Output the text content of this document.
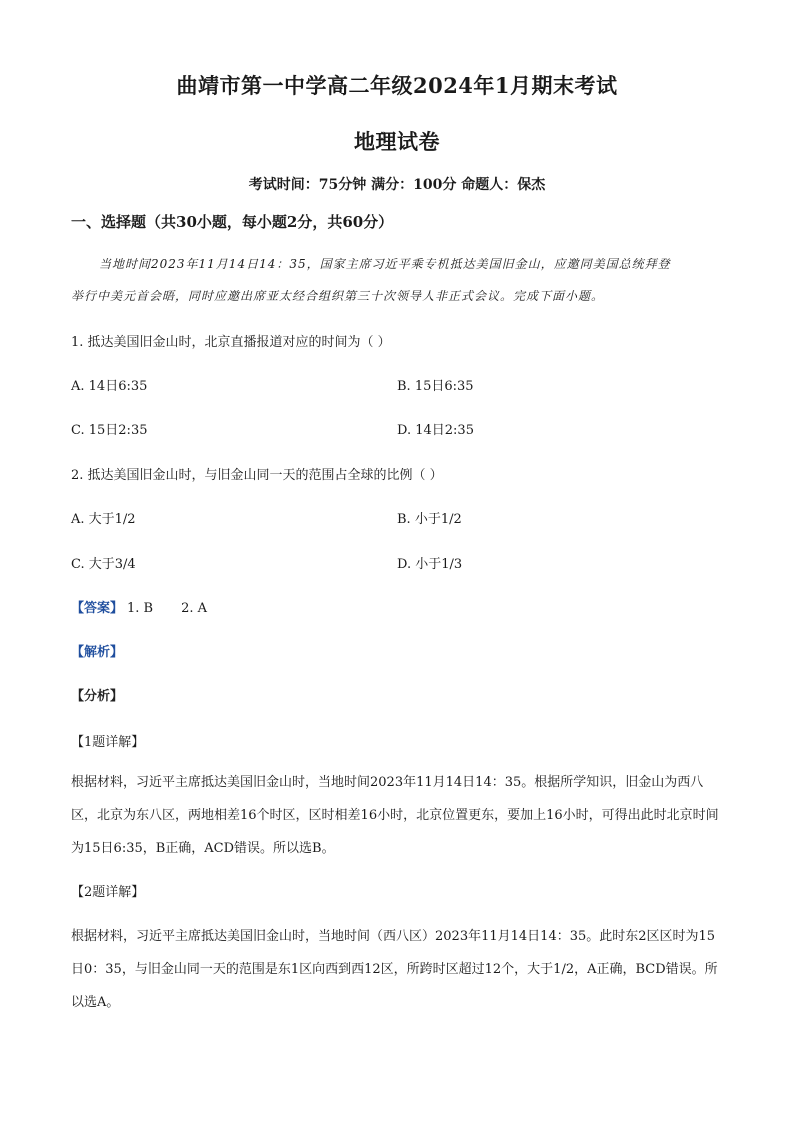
曲靖市第一中学高二年级2024年1月期末考试
地理试卷
考试时间：75分钟 满分：100分 命题人：保杰
一、选择题（共30小题，每小题2分，共60分）
当地时间2023年11月14日14：35，国家主席习近平乘专机抵达美国旧金山，应邀同美国总统拜登
举行中美元首会晤，同时应邀出席亚太经合组织第三十次领导人非正式会议。完成下面小题。
1. 抵达美国旧金山时，北京直播报道对应的时间为（ ）
A. 14日6:35	B. 15日6:35
C. 15日2:35	D. 14日2:35
2. 抵达美国旧金山时，与旧金山同一天的范围占全球的比例（ ）
A. 大于1/2	B. 小于1/2
C. 大于3/4	D. 小于1/3
【答案】 1. B 2. A
【解析】
【分析】
【1题详解】
根据材料，习近平主席抵达美国旧金山时，当地时间2023年11月14日14：35。根据所学知识，旧金山为西八区，北京为东八区，两地相差16个时区，区时相差16小时，北京位置更东，要加上16小时，可得出此时北京时间为15日6:35，B正确，ACD错误。所以选B。
【2题详解】
根据材料，习近平主席抵达美国旧金山时，当地时间（西八区）2023年11月14日14：35。此时东2区区时为15日0：35，与旧金山同一天的范围是东1区向西到西12区，所跨时区超过12个，大于1/2，A正确，BCD错误。所以选A。
